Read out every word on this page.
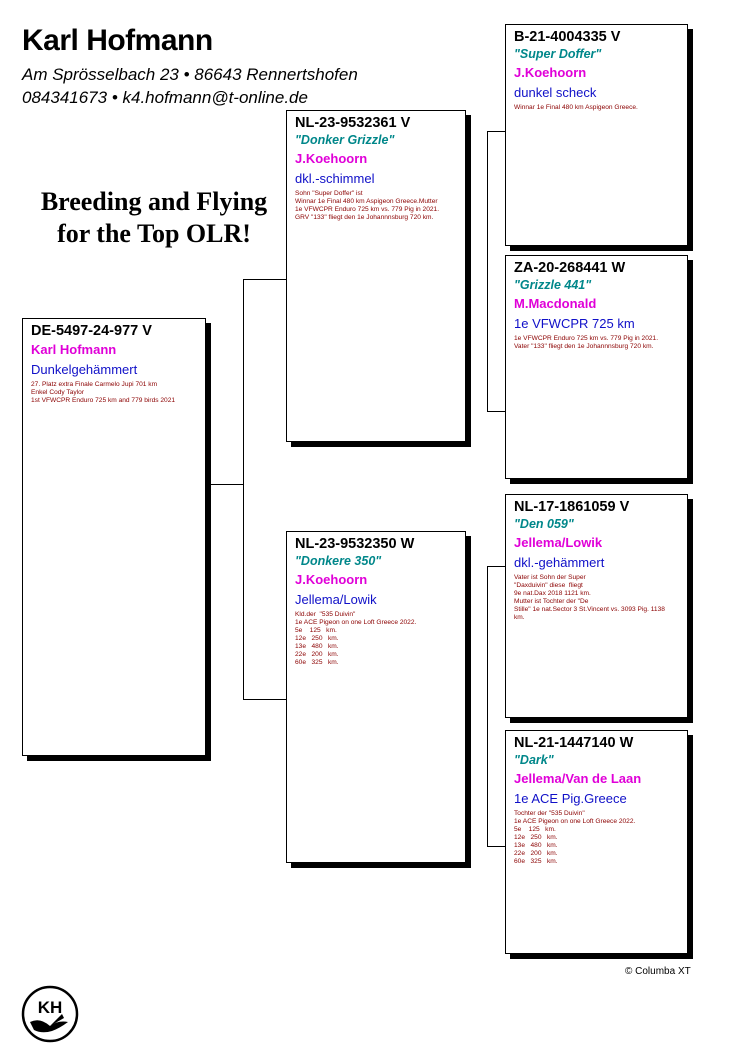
Karl Hofmann
Am Sprösselbach 23 • 86643 Rennertshofen
084341673 • k4.hofmann@t-online.de
Breeding and Flying
for the Top OLR!
DE-5497-24-977 V
Karl Hofmann
Dunkelgehämmert
27. Platz extra Finale Carmelo Jupi 701 km
Enkel Cody Taylor
1st VFWCPR Enduro 725 km and 779 birds 2021
NL-23-9532361 V
"Donker Grizzle"
J.Koehoorn
dkl.-schimmel
Sohn "Super Doffer" ist
Winnar 1e Final 480 km Aspigeon Greece.Mutter
1e VFWCPR Enduro 725 km vs. 779 Pig in 2021.
GRV "133" fliegt den 1e Johannnsburg 720 km.
NL-23-9532350 W
"Donkere 350"
J.Koehoorn
Jellema/Lowik
Kld.der  "535 Duivin"
1e ACE Pigeon on one Loft Greece 2022.
5e    125   km.
12e   250   km.
13e   480   km.
22e   200   km.
60e   325   km.
B-21-4004335 V
"Super Doffer"
J.Koehoorn
dunkel scheck
Winnar 1e Final 480 km Aspigeon Greece.
ZA-20-268441 W
"Grizzle 441"
M.Macdonald
1e VFWCPR 725 km
1e VFWCPR Enduro 725 km vs. 779 Pig in 2021.
Vater "133" fliegt den 1e Johannnsburg 720 km.
NL-17-1861059 V
"Den 059"
Jellema/Lowik
dkl.-gehämmert
Vater ist Sohn der Super
"Daxduivin" diese  fliegt
9e nat.Dax 2018 1121 km.
Mutter ist Tochter der "De
Stille" 1e nat.Sector 3 St.Vincent vs. 3093 Pig. 1138
km.
NL-21-1447140 W
"Dark"
Jellema/Van de Laan
1e ACE Pig.Greece
Tochter der "535 Duivin"
1e ACE Pigeon on one Loft Greece 2022.
5e    125   km.
12e   250   km.
13e   480   km.
22e   200   km.
60e   325   km.
© Columba XT
KH
